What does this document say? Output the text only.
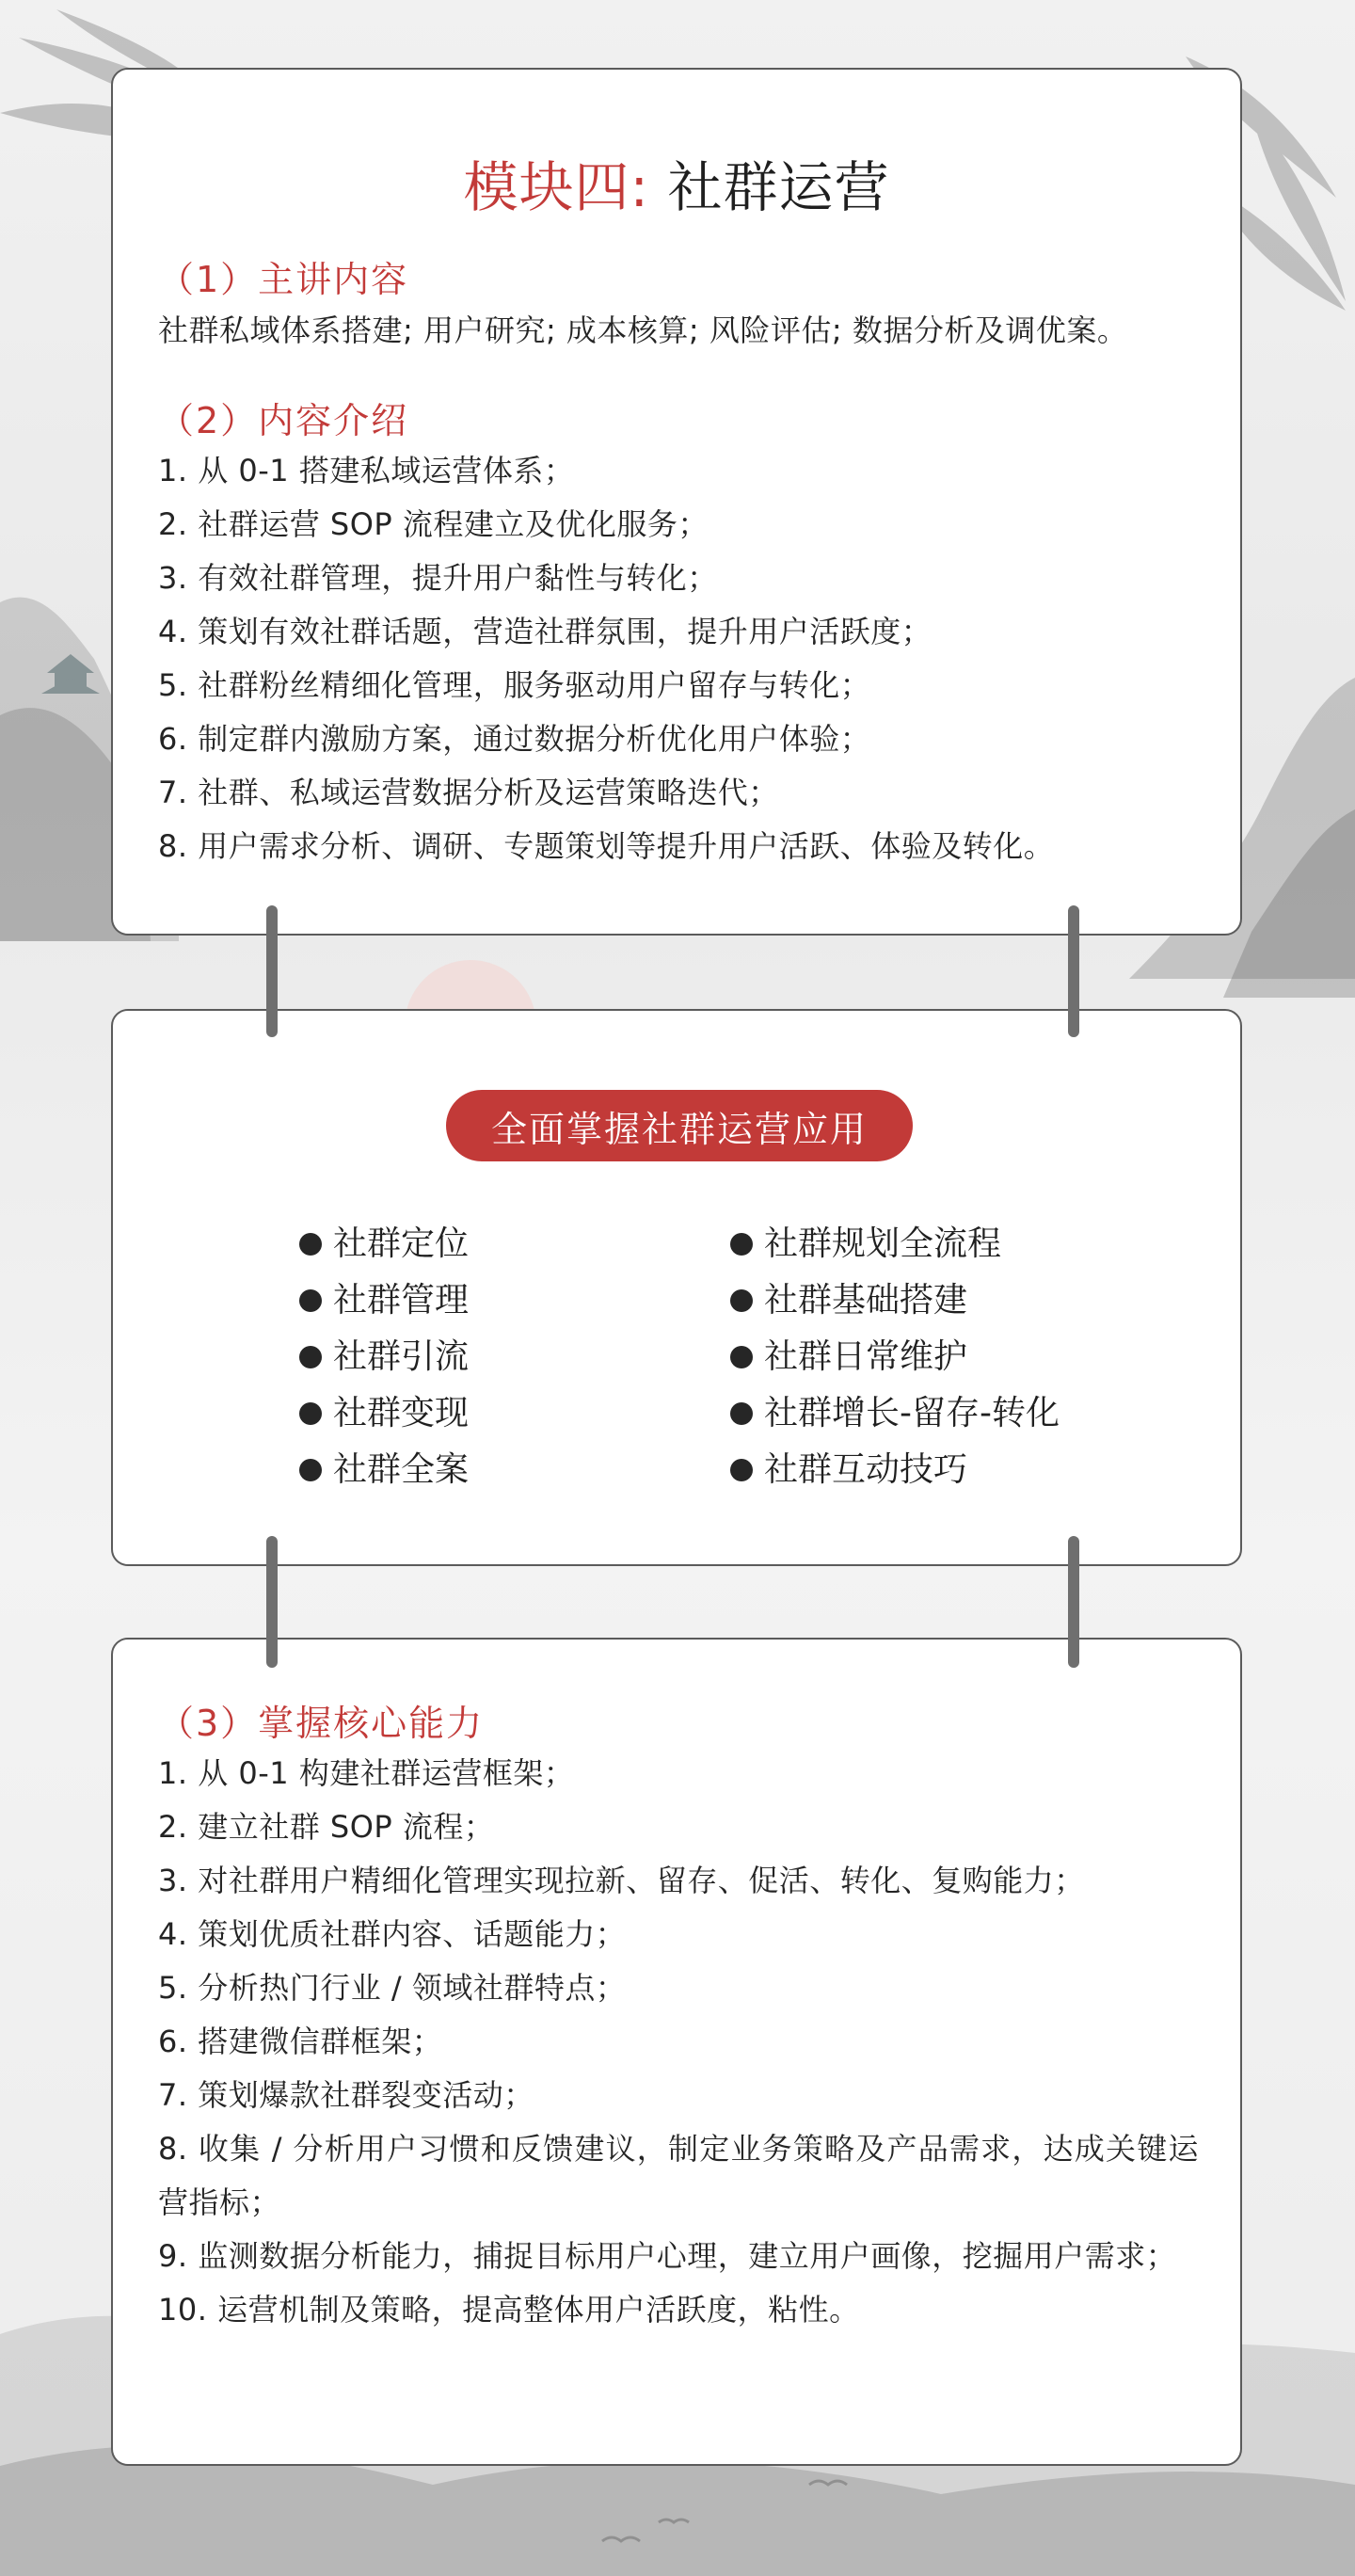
模块四: 社群运营
（1）主讲内容

社群私域体系搭建; 用户研究; 成本核算; 风险评估; 数据分析及调优案。

（2）内容介绍
1. 从 0-1 搭建私域运营体系；
2. 社群运营 SOP 流程建立及优化服务；
3. 有效社群管理，提升用户黏性与转化；
4. 策划有效社群话题，营造社群氛围，提升用户活跃度；
5. 社群粉丝精细化管理，服务驱动用户留存与转化；
6. 制定群内激励方案，通过数据分析优化用户体验；
7. 社群、私域运营数据分析及运营策略迭代；
8. 用户需求分析、调研、专题策划等提升用户活跃、体验及转化。
全面掌握社群运营应用
社群定位
社群管理
社群引流
社群变现
社群全案
社群规划全流程
社群基础搭建
社群日常维护
社群增长-留存-转化
社群互动技巧
（3）掌握核心能力
1. 从 0-1 构建社群运营框架；
2. 建立社群 SOP 流程；
3. 对社群用户精细化管理实现拉新、留存、促活、转化、复购能力；
4. 策划优质社群内容、话题能力；
5. 分析热门行业 / 领域社群特点；
6. 搭建微信群框架；
7. 策划爆款社群裂变活动；
8. 收集 / 分析用户习惯和反馈建议，制定业务策略及产品需求，达成关键运营指标；
9. 监测数据分析能力，捕捉目标用户心理，建立用户画像，挖掘用户需求；
10. 运营机制及策略，提高整体用户活跃度，粘性。
